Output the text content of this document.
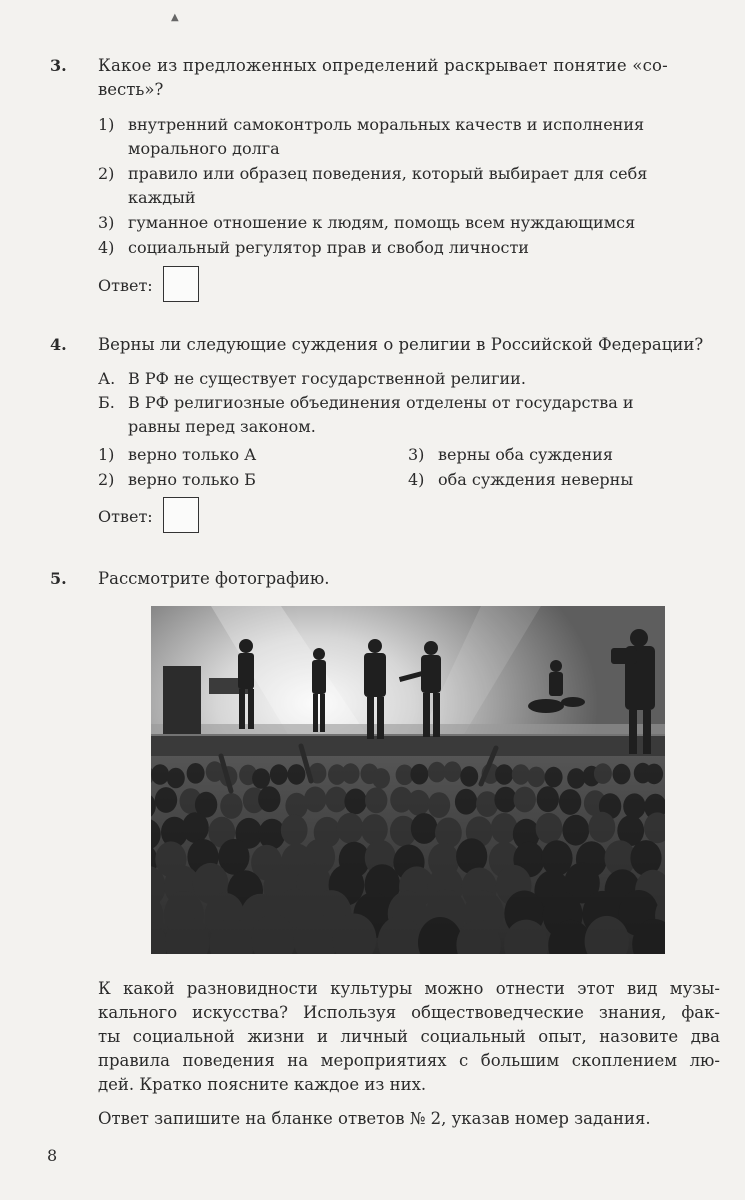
▲
3. Какое из предложенных определений раскрывает понятие «со-
весть»?
1) внутренний самоконтроль моральных качеств и исполнения
морального долга
2) правило или образец поведения, который выбирает для себя
каждый
3) гуманное отношение к людям, помощь всем нуждающимся
4) социальный регулятор прав и свобод личности
Ответ:
4. Верны ли следующие суждения о религии в Российской Федерации?
А. В РФ не существует государственной религии.
Б. В РФ религиозные объединения отделены от государства и
равны перед законом.
1) верно только А
2) верно только Б
3) верны оба суждения
4) оба суждения неверны
Ответ:
5. Рассмотрите фотографию.
К какой разновидности культуры можно отнести этот вид музы-
кального искусства? Используя обществоведческие знания, фак-
ты социальной жизни и личный социальный опыт, назовите два
правила поведения на мероприятиях с большим скоплением лю-
дей. Кратко поясните каждое из них.
Ответ запишите на бланке ответов № 2, указав номер задания.
8
